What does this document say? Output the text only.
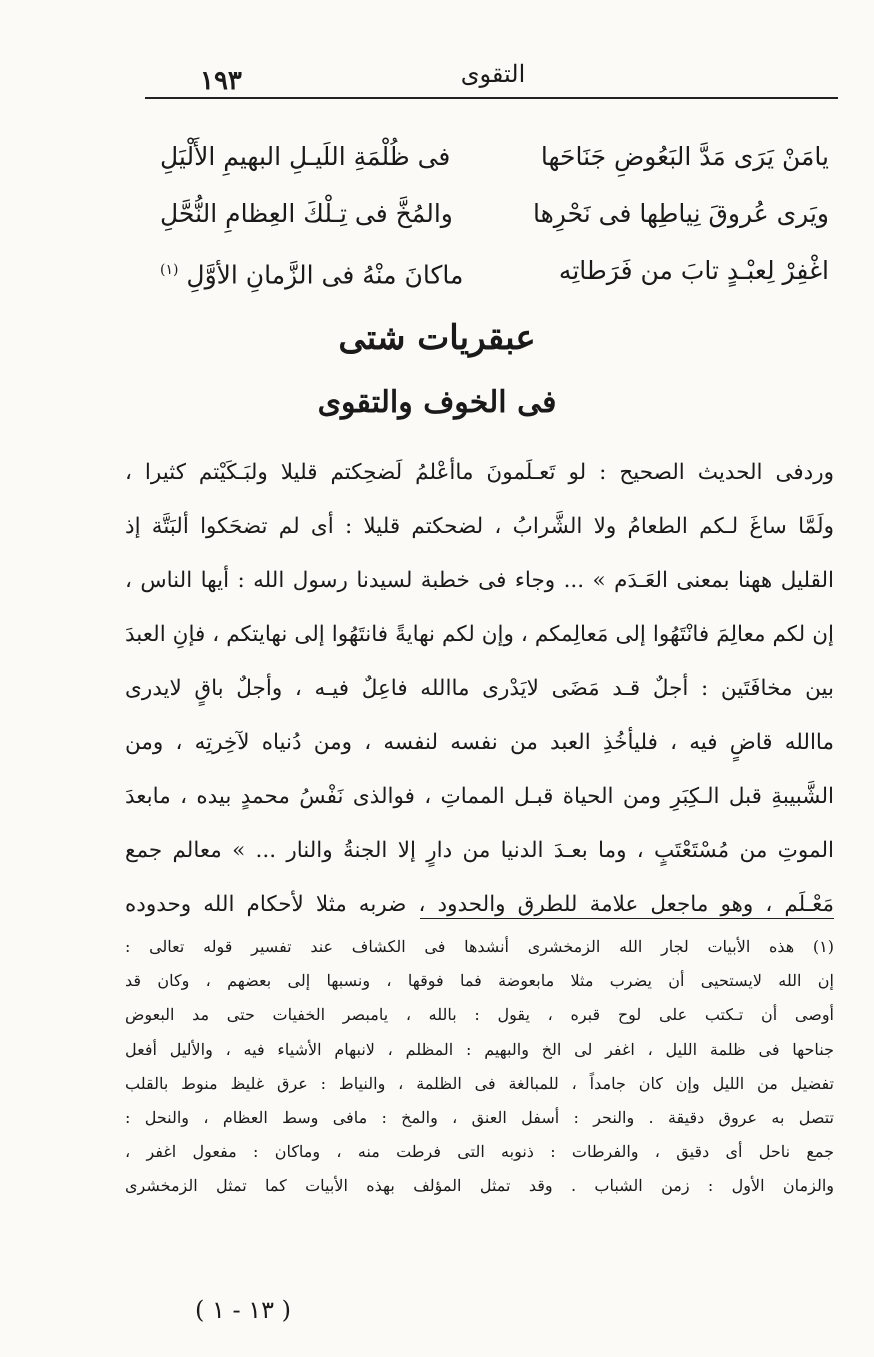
التقوى
١٩٣
يامَنْ يَرَى مَدَّ البَعُوضِ جَنَاحَها
فى ظُلْمَةِ اللَيـلِ البهيمِ الأَلْيَلِ
ويَرى عُروقَ نِياطِها فى نَحْرِها
والمُخَّ فى تِـلْكَ العِظامِ النُّحَّلِ
اغْفِرْ لِعبْـدٍ تابَ من فَرَطاتِه
ماكانَ منْهُ فى الزَّمانِ الأوَّلِ $^{(١)}$
عبقريات شتى
فى الخوف والتقوى
وردفى الحديث الصحيح : لو تَعـلَمونَ ماأعْلمُ لَضحِكتم قليلا ولبَـكَيْتم كثيرا ،
ولَمَّا ساغَ لـكم الطعامُ ولا الشَّرابُ ، لضحكتم قليلا : أى لم تضحَكوا ألبَتَّة إذ
القليل ههنا بمعنى العَـدَم » ... وجاء فى خطبة لسيدنا رسول الله : أيها الناس ،
إن لكم معالِمَ فانْتَهُوا إلى مَعالِمكم ، وإن لكم نهايةً فانتَهُوا إلى نهايتكم ، فإنِ العبدَ
بين مخافَتَين : أجلٌ قـد مَضَى لايَدْرى ماالله فاعِلٌ فيـه ، وأجلٌ باقٍ لايدرى
ماالله قاضٍ فيه ، فليأخُذِ العبد من نفسه لنفسه ، ومن دُنياه لآخِرتِه ، ومن
الشَّبيبةِ قبل الـكِبَرِ ومن الحياة قبـل المماتِ ، فوالذى نَفْسُ محمدٍ بيده ، مابعدَ
الموتِ من مُسْتَعْتَبٍ ، وما بعـدَ الدنيا من دارٍ إلا الجنةُ والنار ... » معالم جمع
مَعْـلَم ، وهو ماجعل علامة للطرق والحدود ، ضربه مثلا لأحكام الله وحدوده
(١) هذه الأبيات لجار الله الزمخشرى أنشدها فى الكشاف عند تفسير قوله تعالى :
إن الله لايستحيى أن يضرب مثلا مابعوضة فما فوقها ، ونسبها إلى بعضهم ، وكان قد
أوصى أن تـكتب على لوح قبره ، يقول : بالله ، يامبصر الخفيات حتى مد البعوض
جناحها فى ظلمة الليل ، اغفر لى الخ والبهيم : المظلم ، لانبهام الأشياء فيه ، والأليل أفعل
تفضيل من الليل وإن كان جامداً ، للمبالغة فى الظلمة ، والنياط : عرق غليظ منوط بالقلب
تتصل به عروق دقيقة . والنحر : أسفل العنق ، والمخ : مافى وسط العظام ، والنحل :
جمع ناحل أى دقيق ، والفرطات : ذنوبه التى فرطت منه ، وماكان : مفعول اغفر ،
والزمان الأول : زمن الشباب . وقد تمثل المؤلف بهذه الأبيات كما تمثل الزمخشرى
( ١٣ - ١ )
